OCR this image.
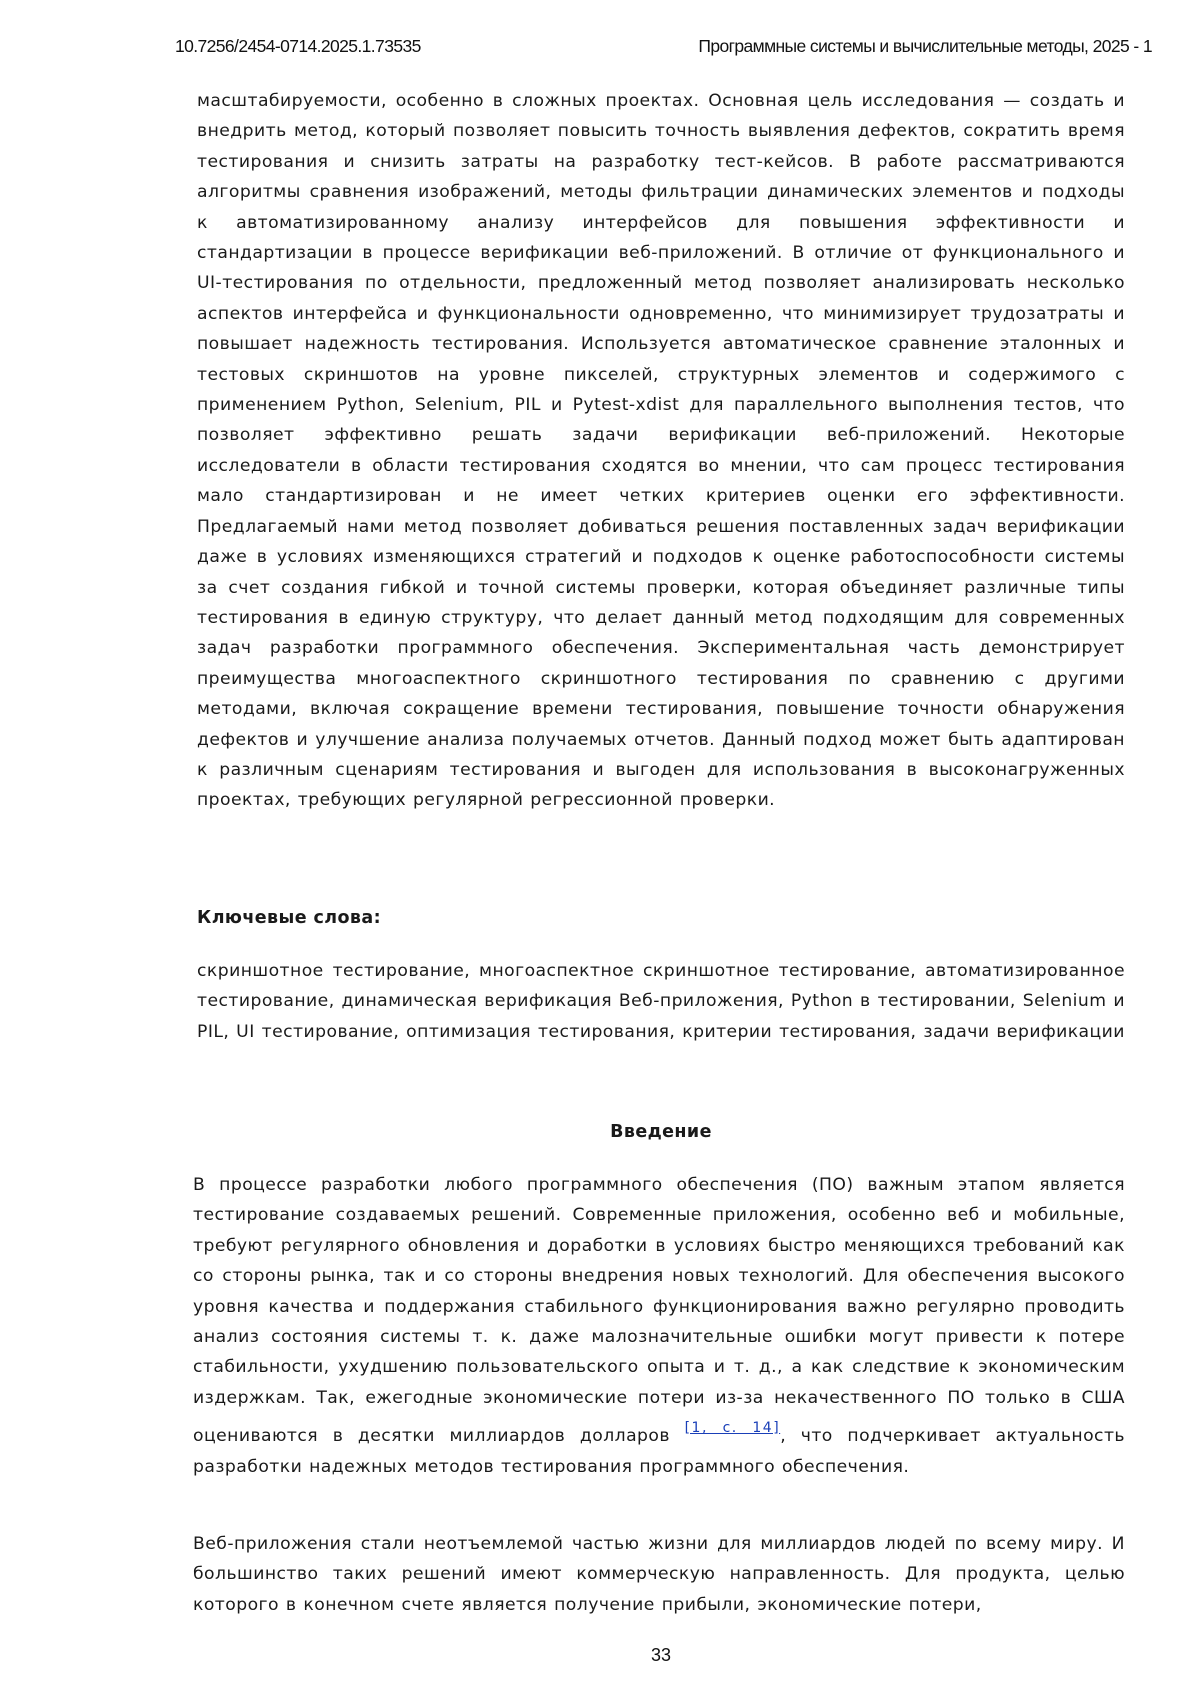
10.7256/2454-0714.2025.1.73535	Программные системы и вычислительные методы, 2025 - 1

масштабируемости, особенно в сложных проектах. Основная цель исследования — создать и внедрить метод, который позволяет повысить точность выявления дефектов, сократить время тестирования и снизить затраты на разработку тест-кейсов. В работе рассматриваются алгоритмы сравнения изображений, методы фильтрации динамических элементов и подходы к автоматизированному анализу интерфейсов для повышения эффективности и стандартизации в процессе верификации веб-приложений. В отличие от функционального и UI-тестирования по отдельности, предложенный метод позволяет анализировать несколько аспектов интерфейса и функциональности одновременно, что минимизирует трудозатраты и повышает надежность тестирования. Используется автоматическое сравнение эталонных и тестовых скриншотов на уровне пикселей, структурных элементов и содержимого с применением Python, Selenium, PIL и Pytest-xdist для параллельного выполнения тестов, что позволяет эффективно решать задачи верификации веб-приложений. Некоторые исследователи в области тестирования сходятся во мнении, что сам процесс тестирования мало стандартизирован и не имеет четких критериев оценки его эффективности. Предлагаемый нами метод позволяет добиваться решения поставленных задач верификации даже в условиях изменяющихся стратегий и подходов к оценке работоспособности системы за счет создания гибкой и точной системы проверки, которая объединяет различные типы тестирования в единую структуру, что делает данный метод подходящим для современных задач разработки программного обеспечения. Экспериментальная часть демонстрирует преимущества многоаспектного скриншотного тестирования по сравнению с другими методами, включая сокращение времени тестирования, повышение точности обнаружения дефектов и улучшение анализа получаемых отчетов. Данный подход может быть адаптирован к различным сценариям тестирования и выгоден для использования в высоконагруженных проектах, требующих регулярной регрессионной проверки.

Ключевые слова:

скриншотное тестирование, многоаспектное скриншотное тестирование, автоматизированное тестирование, динамическая верификация Веб-приложения, Python в тестировании, Selenium и PIL, UI тестирование, оптимизация тестирования, критерии тестирования, задачи верификации

Введение

В процессе разработки любого программного обеспечения (ПО) важным этапом является тестирование создаваемых решений. Современные приложения, особенно веб и мобильные, требуют регулярного обновления и доработки в условиях быстро меняющихся требований как со стороны рынка, так и со стороны внедрения новых технологий. Для обеспечения высокого уровня качества и поддержания стабильного функционирования важно регулярно проводить анализ состояния системы т. к. даже малозначительные ошибки могут привести к потере стабильности, ухудшению пользовательского опыта и т. д., а как следствие к экономическим издержкам. Так, ежегодные экономические потери из-за некачественного ПО только в США оцениваются в десятки миллиардов долларов [1, с. 14], что подчеркивает актуальность разработки надежных методов тестирования программного обеспечения.

Веб-приложения стали неотъемлемой частью жизни для миллиардов людей по всему миру. И большинство таких решений имеют коммерческую направленность. Для продукта, целью которого в конечном счете является получение прибыли, экономические потери,

33
